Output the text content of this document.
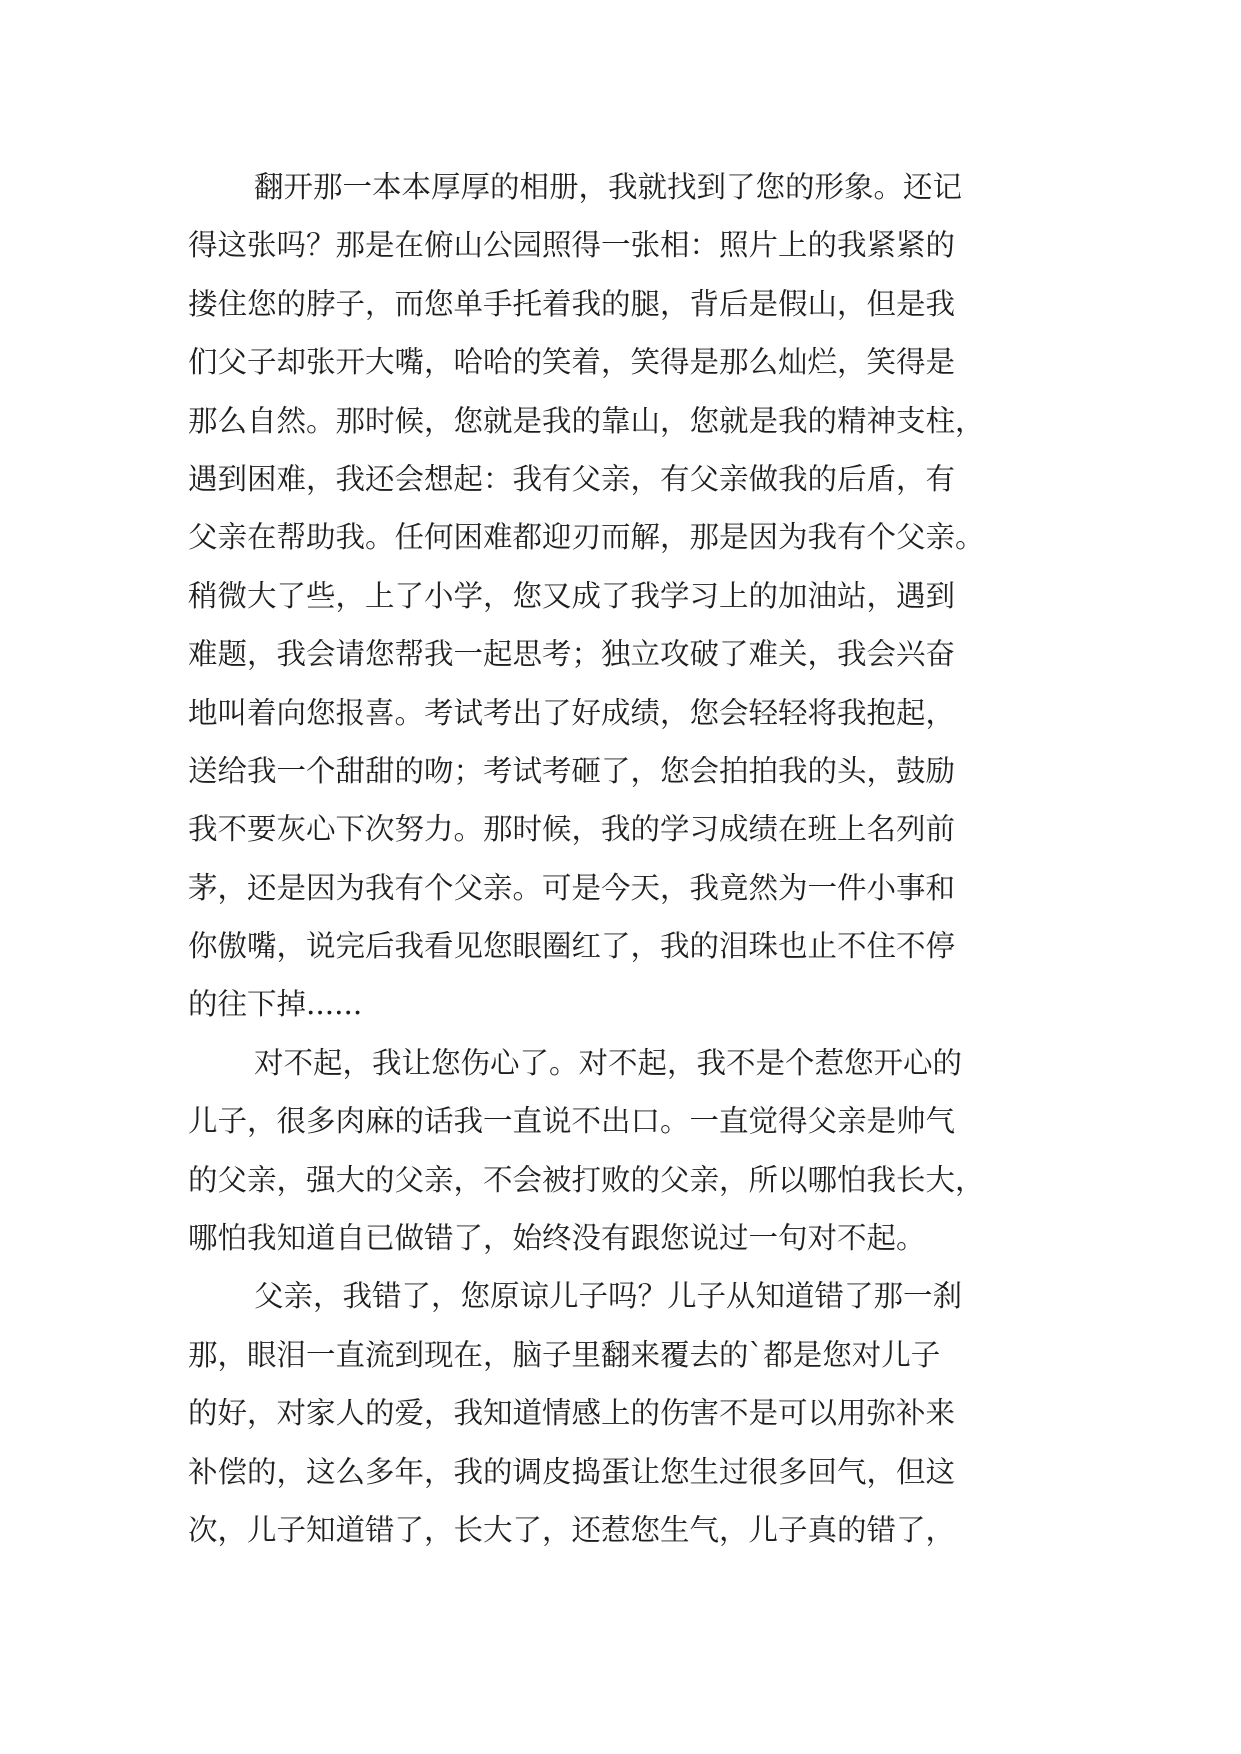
翻开那一本本厚厚的相册，我就找到了您的形象。还记
得这张吗？那是在俯山公园照得一张相：照片上的我紧紧的
搂住您的脖子，而您单手托着我的腿，背后是假山，但是我
们父子却张开大嘴，哈哈的笑着，笑得是那么灿烂，笑得是
那么自然。那时候，您就是我的靠山，您就是我的精神支柱，
遇到困难，我还会想起：我有父亲，有父亲做我的后盾，有
父亲在帮助我。任何困难都迎刃而解，那是因为我有个父亲。
稍微大了些，上了小学，您又成了我学习上的加油站，遇到
难题，我会请您帮我一起思考；独立攻破了难关，我会兴奋
地叫着向您报喜。考试考出了好成绩，您会轻轻将我抱起，
送给我一个甜甜的吻；考试考砸了，您会拍拍我的头，鼓励
我不要灰心下次努力。那时候，我的学习成绩在班上名列前
茅，还是因为我有个父亲。可是今天，我竟然为一件小事和
你傲嘴，说完后我看见您眼圈红了，我的泪珠也止不住不停
的往下掉......
对不起，我让您伤心了。对不起，我不是个惹您开心的
儿子，很多肉麻的话我一直说不出口。一直觉得父亲是帅气
的父亲，强大的父亲，不会被打败的父亲，所以哪怕我长大，
哪怕我知道自已做错了，始终没有跟您说过一句对不起。
父亲，我错了，您原谅儿子吗？儿子从知道错了那一刹
那，眼泪一直流到现在，脑子里翻来覆去的`都是您对儿子
的好，对家人的爱，我知道情感上的伤害不是可以用弥补来
补偿的，这么多年，我的调皮捣蛋让您生过很多回气，但这
次，儿子知道错了，长大了，还惹您生气，儿子真的错了，
